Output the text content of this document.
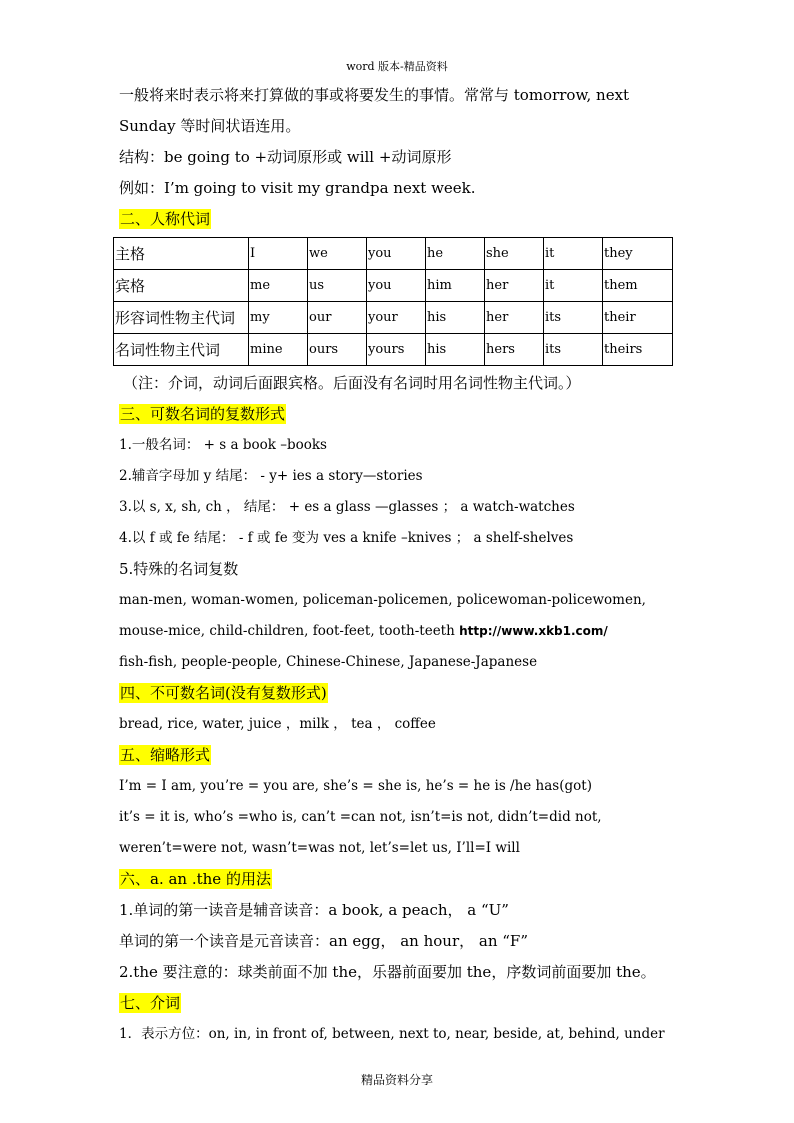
word 版本-精品资料
一般将来时表示将来打算做的事或将要发生的事情。常常与 tomorrow, next
Sunday 等时间状语连用。
结构：be going to +动词原形或 will +动词原形
例如：I’m going to visit my grandpa next week.
二、人称代词
主格	I	we	you	he	she	it	they
宾格	me	us	you	him	her	it	them
形容词性物主代词	my	our	your	his	her	its	their
名词性物主代词	mine	ours	yours	his	hers	its	theirs
（注：介词，动词后面跟宾格。后面没有名词时用名词性物主代词。）
三、可数名词的复数形式
1.一般名词： + s a book –books
2.辅音字母加 y 结尾： - y+ ies a story—stories
3.以 s, x, sh, ch ， 结尾： + es a glass —glasses ； a watch-watches
4.以 f 或 fe 结尾： - f 或 fe 变为 ves a knife –knives ； a shelf-shelves
5.特殊的名词复数
man-men, woman-women, policeman-policemen, policewoman-policewomen,
mouse-mice, child-children, foot-feet, tooth-teeth http://www.xkb1.com/
fish-fish, people-people, Chinese-Chinese, Japanese-Japanese
四、不可数名词(没有复数形式)
bread, rice, water, juice ，milk ， tea ， coffee
五、缩略形式
I’m = I am, you’re = you are, she’s = she is, he’s = he is /he has(got)
it’s = it is, who’s =who is, can’t =can not, isn’t=is not, didn’t=did not,
weren’t=were not, wasn’t=was not, let’s=let us, I’ll=I will
六、a. an .the 的用法
1.单词的第一读音是辅音读音：a book, a peach， a “U”
单词的第一个读音是元音读音：an egg， an hour， an “F”
2.the 要注意的：球类前面不加 the，乐器前面要加 the，序数词前面要加 the。
七、介词
1．表示方位：on, in, in front of, between, next to, near, beside, at, behind, under
精品资料分享
